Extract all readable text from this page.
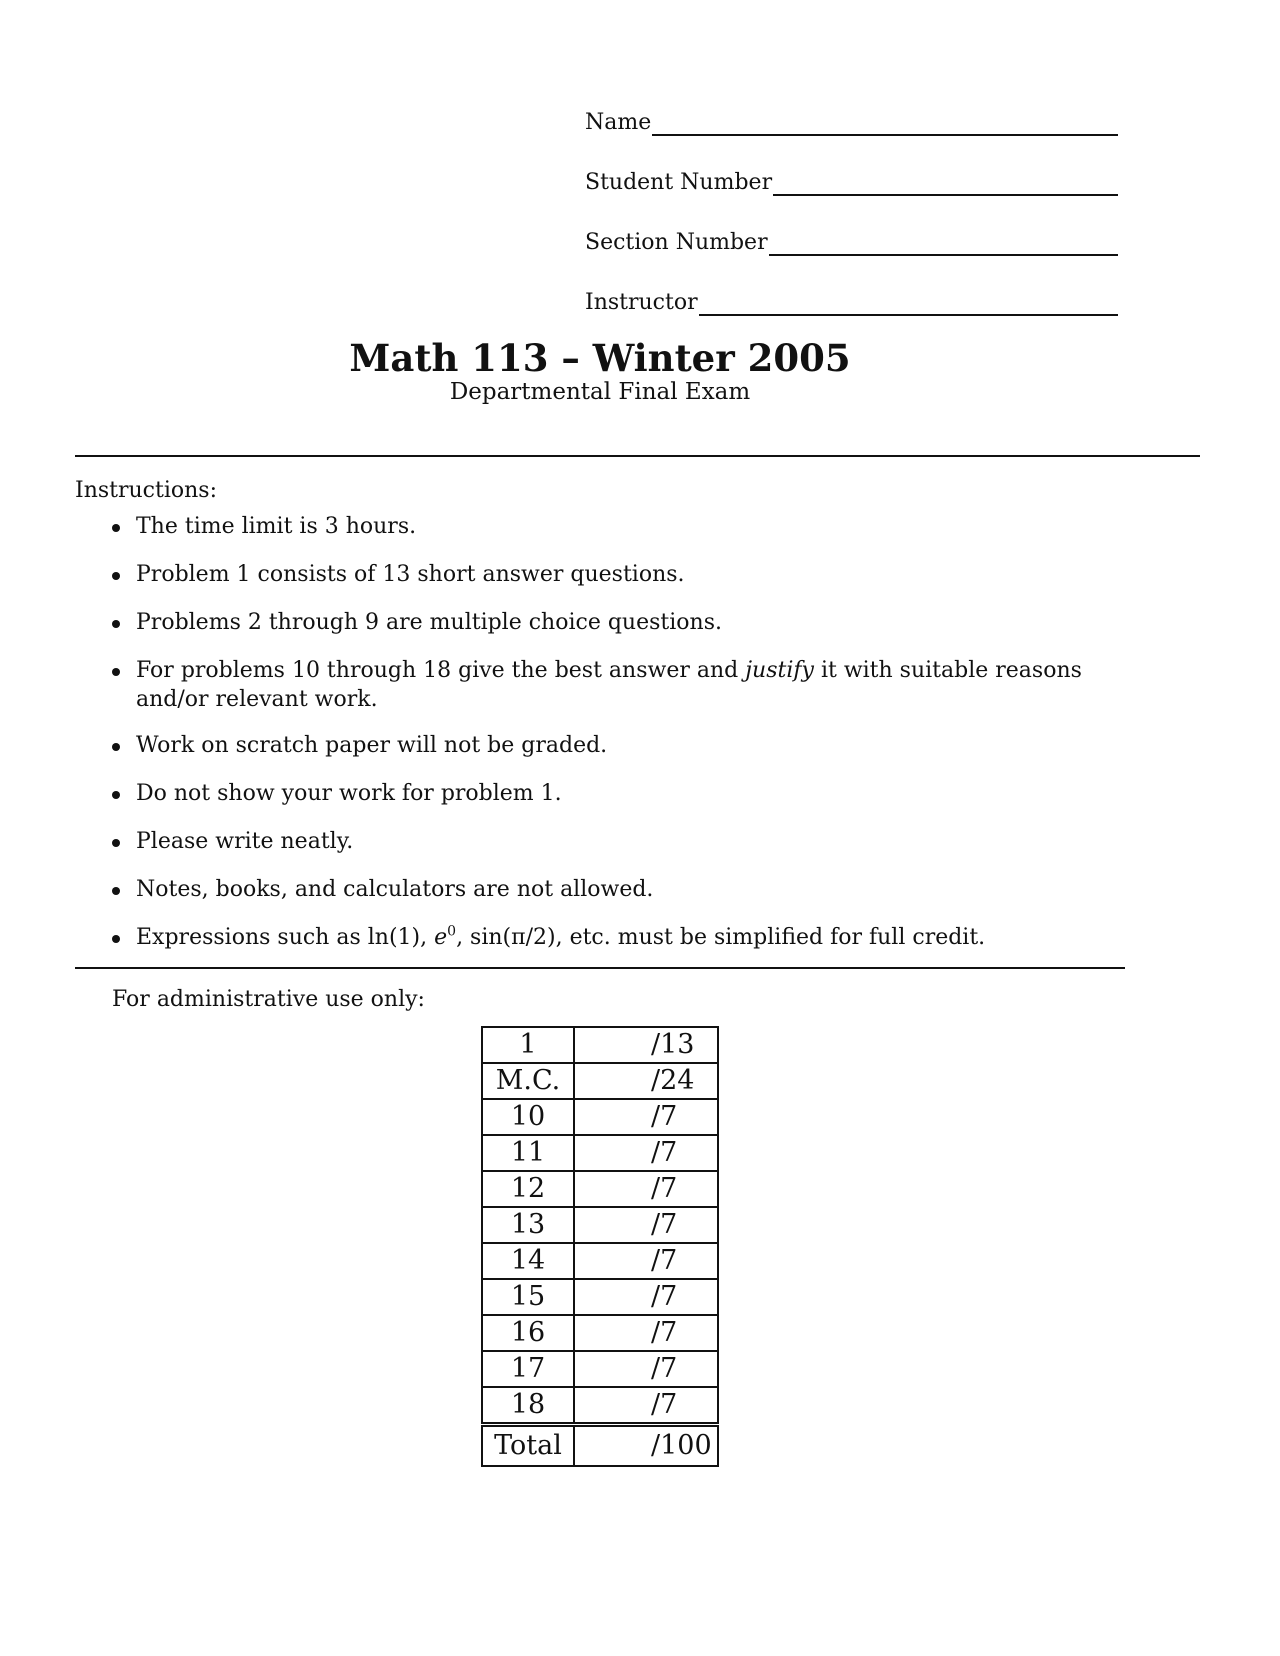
Name
Student Number
Section Number
Instructor
Math 113 – Winter 2005
Departmental Final Exam
Instructions:
The time limit is 3 hours.
Problem 1 consists of 13 short answer questions.
Problems 2 through 9 are multiple choice questions.
For problems 10 through 18 give the best answer and justify it with suitable reasons and/or relevant work.
Work on scratch paper will not be graded.
Do not show your work for problem 1.
Please write neatly.
Notes, books, and calculators are not allowed.
Expressions such as ln(1), $e^0$, sin(π/2), etc. must be simplified for full credit.
For administrative use only:
1	/13
M.C.	/24
10	/7
11	/7
12	/7
13	/7
14	/7
15	/7
16	/7
17	/7
18	/7
Total	/100
